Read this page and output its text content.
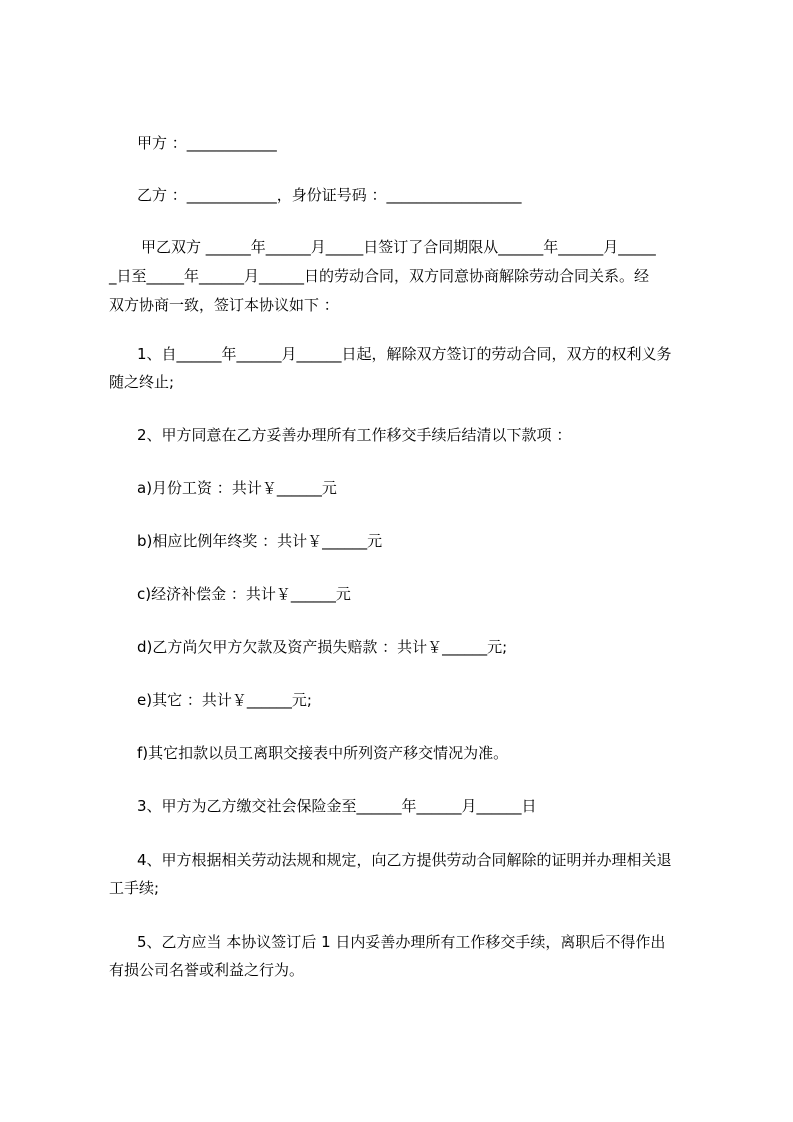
甲方 ：____________
乙方 ：____________，身份证号码 ：__________________
甲乙双方 ______年______月_____日签订了合同期限从______年______月_____
_日至_____年______月______日的劳动合同，双方同意协商解除劳动合同关系。经
双方协商一致，签订本协议如下 ：
1、自______年______月______日起，解除双方签订的劳动合同，双方的权利义务
随之终止;
2、甲方同意在乙方妥善办理所有工作移交手续后结清以下款项 ：
a)月份工资 ：共计￥______元
b)相应比例年终奖 ：共计￥______元
c)经济补偿金 ：共计￥______元
d)乙方尚欠甲方欠款及资产损失赔款 ：共计￥______元;
e)其它 ：共计￥______元;
f)其它扣款以员工离职交接表中所列资产移交情况为准。
3、甲方为乙方缴交社会保险金至______年______月______日
4、甲方根据相关劳动法规和规定，向乙方提供劳动合同解除的证明并办理相关退
工手续;
5、乙方应当 本协议签订后 1 日内妥善办理所有工作移交手续，离职后不得作出
有损公司名誉或利益之行为。
